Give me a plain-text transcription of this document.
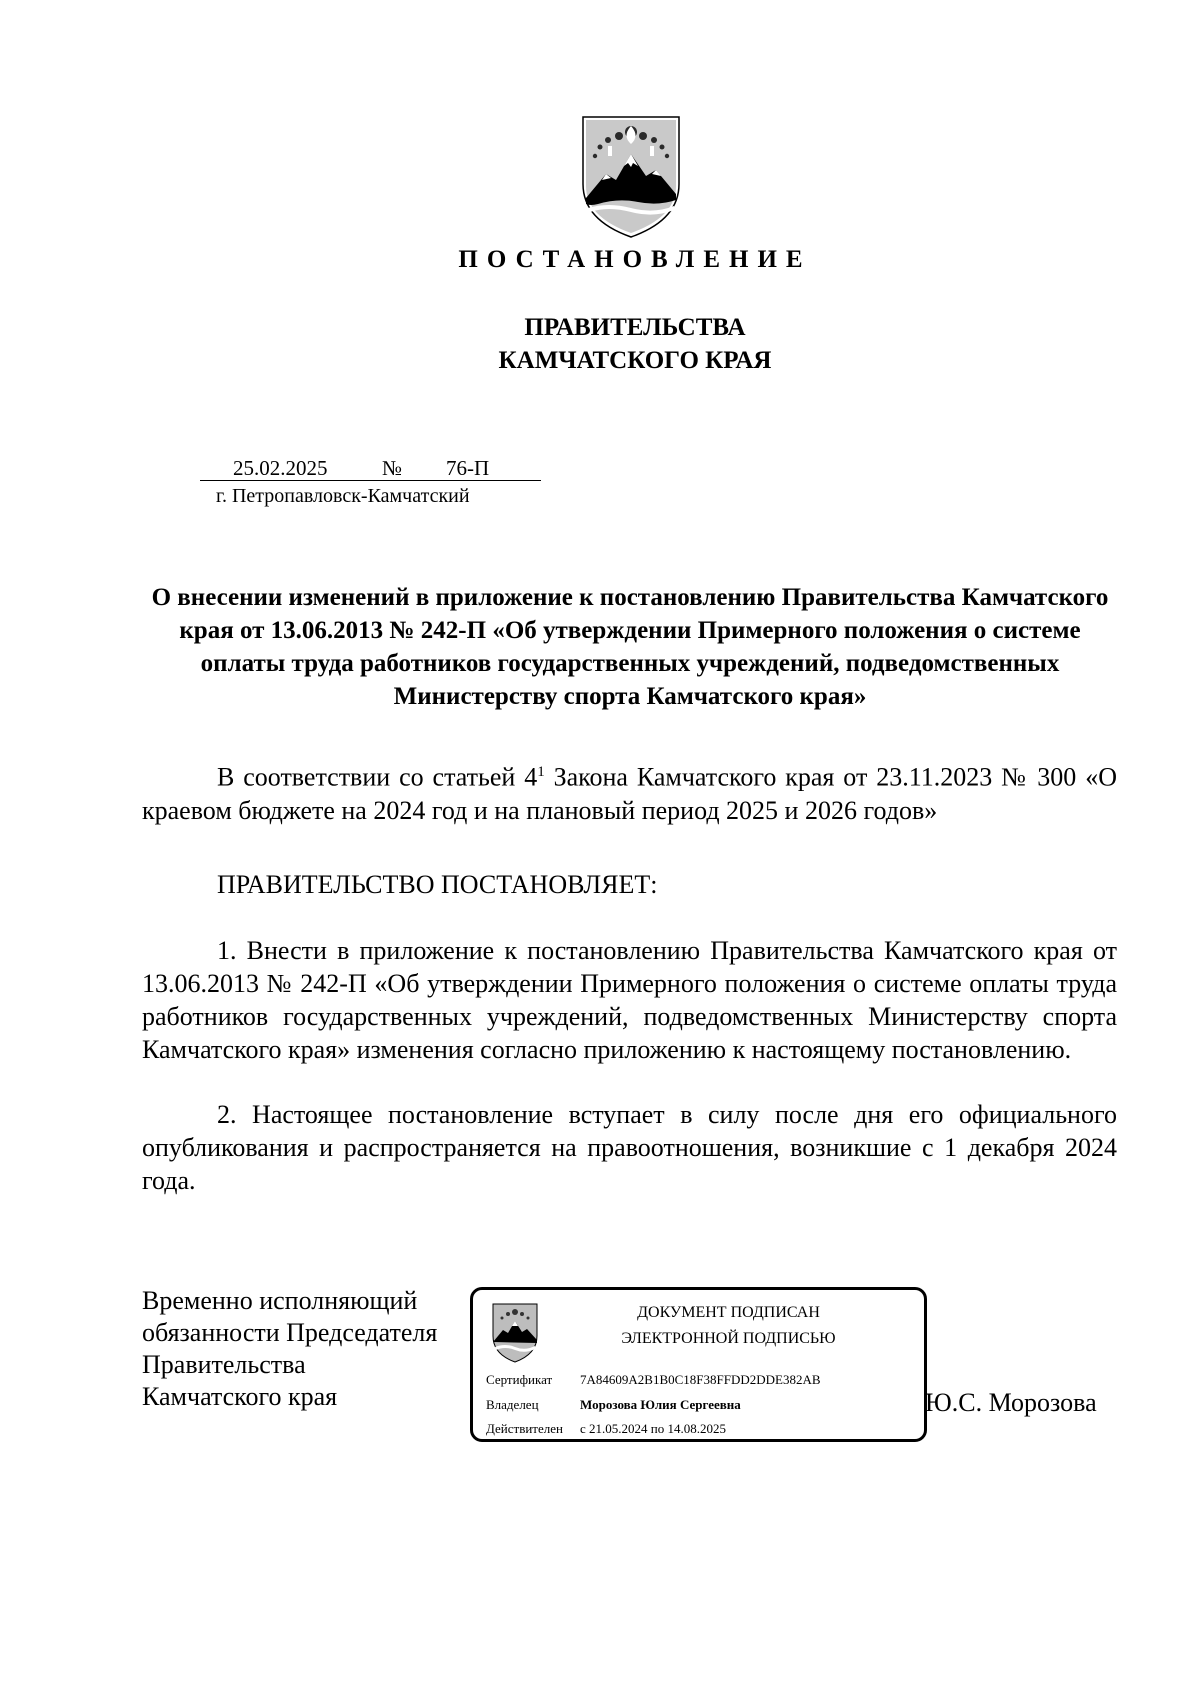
ПОСТАНОВЛЕНИЕ
ПРАВИТЕЛЬСТВА
КАМЧАТСКОГО КРАЯ
25.02.2025	№ 76-П
г. Петропавловск-Камчатский
О внесении изменений в приложение к постановлению Правительства Камчатского края от 13.06.2013 № 242-П «Об утверждении Примерного положения о системе оплаты труда работников государственных учреждений, подведомственных Министерству спорта Камчатского края»
В соответствии со статьей $4^1$ Закона Камчатского края от 23.11.2023 № 300 «О краевом бюджете на 2024 год и на плановый период 2025 и 2026 годов»
ПРАВИТЕЛЬСТВО ПОСТАНОВЛЯЕТ:
1. Внести в приложение к постановлению Правительства Камчатского края от 13.06.2013 № 242-П «Об утверждении Примерного положения о системе оплаты труда работников государственных учреждений, подведомственных Министерству спорта Камчатского края» изменения согласно приложению к настоящему постановлению.
2. Настоящее постановление вступает в силу после дня его официального опубликования и распространяется на правоотношения, возникшие с 1 декабря 2024 года.
Временно исполняющий
обязанности Председателя
Правительства
Камчатского края
ДОКУМЕНТ ПОДПИСАН
ЭЛЕКТРОННОЙ ПОДПИСЬЮ
Сертификат 7A84609A2B1B0C18F38FFDD2DDE382AB
Владелец	Морозова Юлия Сергеевна
Действителен с 21.05.2024 по 14.08.2025
Ю.С. Морозова
